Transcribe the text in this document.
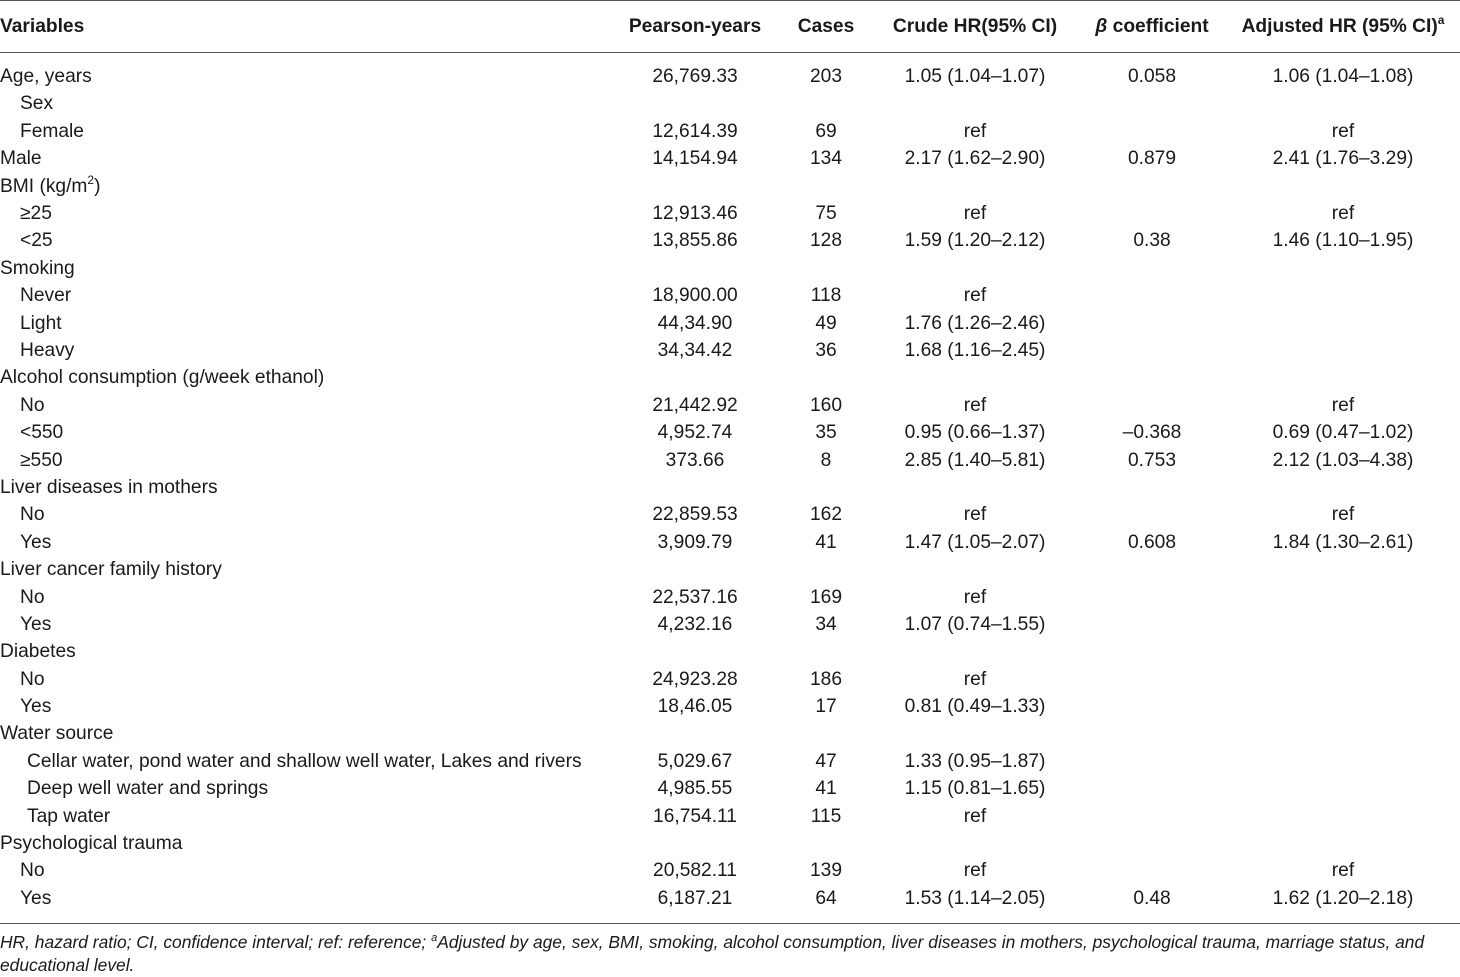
Variables	Pearson-years	Cases	Crude HR(95% CI)	β coefficient	Adjusted HR (95% CI)$^a$

Age, years	26,769.33	203	1.05 (1.04–1.07)	0.058	1.06 (1.04–1.08)
Sex					
Female	12,614.39	69	ref		ref
Male	14,154.94	134	2.17 (1.62–2.90)	0.879	2.41 (1.76–3.29)
BMI $(kg/m^2)$					
≥25	12,913.46	75	ref		ref
<25	13,855.86	128	1.59 (1.20–2.12)	0.38	1.46 (1.10–1.95)
Smoking					
Never	18,900.00	118	ref		
Light	44,34.90	49	1.76 (1.26–2.46)		
Heavy	34,34.42	36	1.68 (1.16–2.45)		
Alcohol consumption (g/week ethanol)					
No	21,442.92	160	ref		ref
<550	4,952.74	35	0.95 (0.66–1.37)	–0.368	0.69 (0.47–1.02)
≥550	373.66	8	2.85 (1.40–5.81)	0.753	2.12 (1.03–4.38)
Liver diseases in mothers					
No	22,859.53	162	ref		ref
Yes	3,909.79	41	1.47 (1.05–2.07)	0.608	1.84 (1.30–2.61)
Liver cancer family history					
No	22,537.16	169	ref		
Yes	4,232.16	34	1.07 (0.74–1.55)		
Diabetes					
No	24,923.28	186	ref		
Yes	18,46.05	17	0.81 (0.49–1.33)		
Water source					
Cellar water, pond water and shallow well water, Lakes and rivers	5,029.67	47	1.33 (0.95–1.87)		
Deep well water and springs	4,985.55	41	1.15 (0.81–1.65)		
Tap water	16,754.11	115	ref		
Psychological trauma					
No	20,582.11	139	ref		ref
Yes	6,187.21	64	1.53 (1.14–2.05)	0.48	1.62 (1.20–2.18)
HR, hazard ratio; CI, confidence interval; ref: reference; $^a$Adjusted by age, sex, BMI, smoking, alcohol consumption, liver diseases in mothers, psychological trauma, marriage status, and educational level.
